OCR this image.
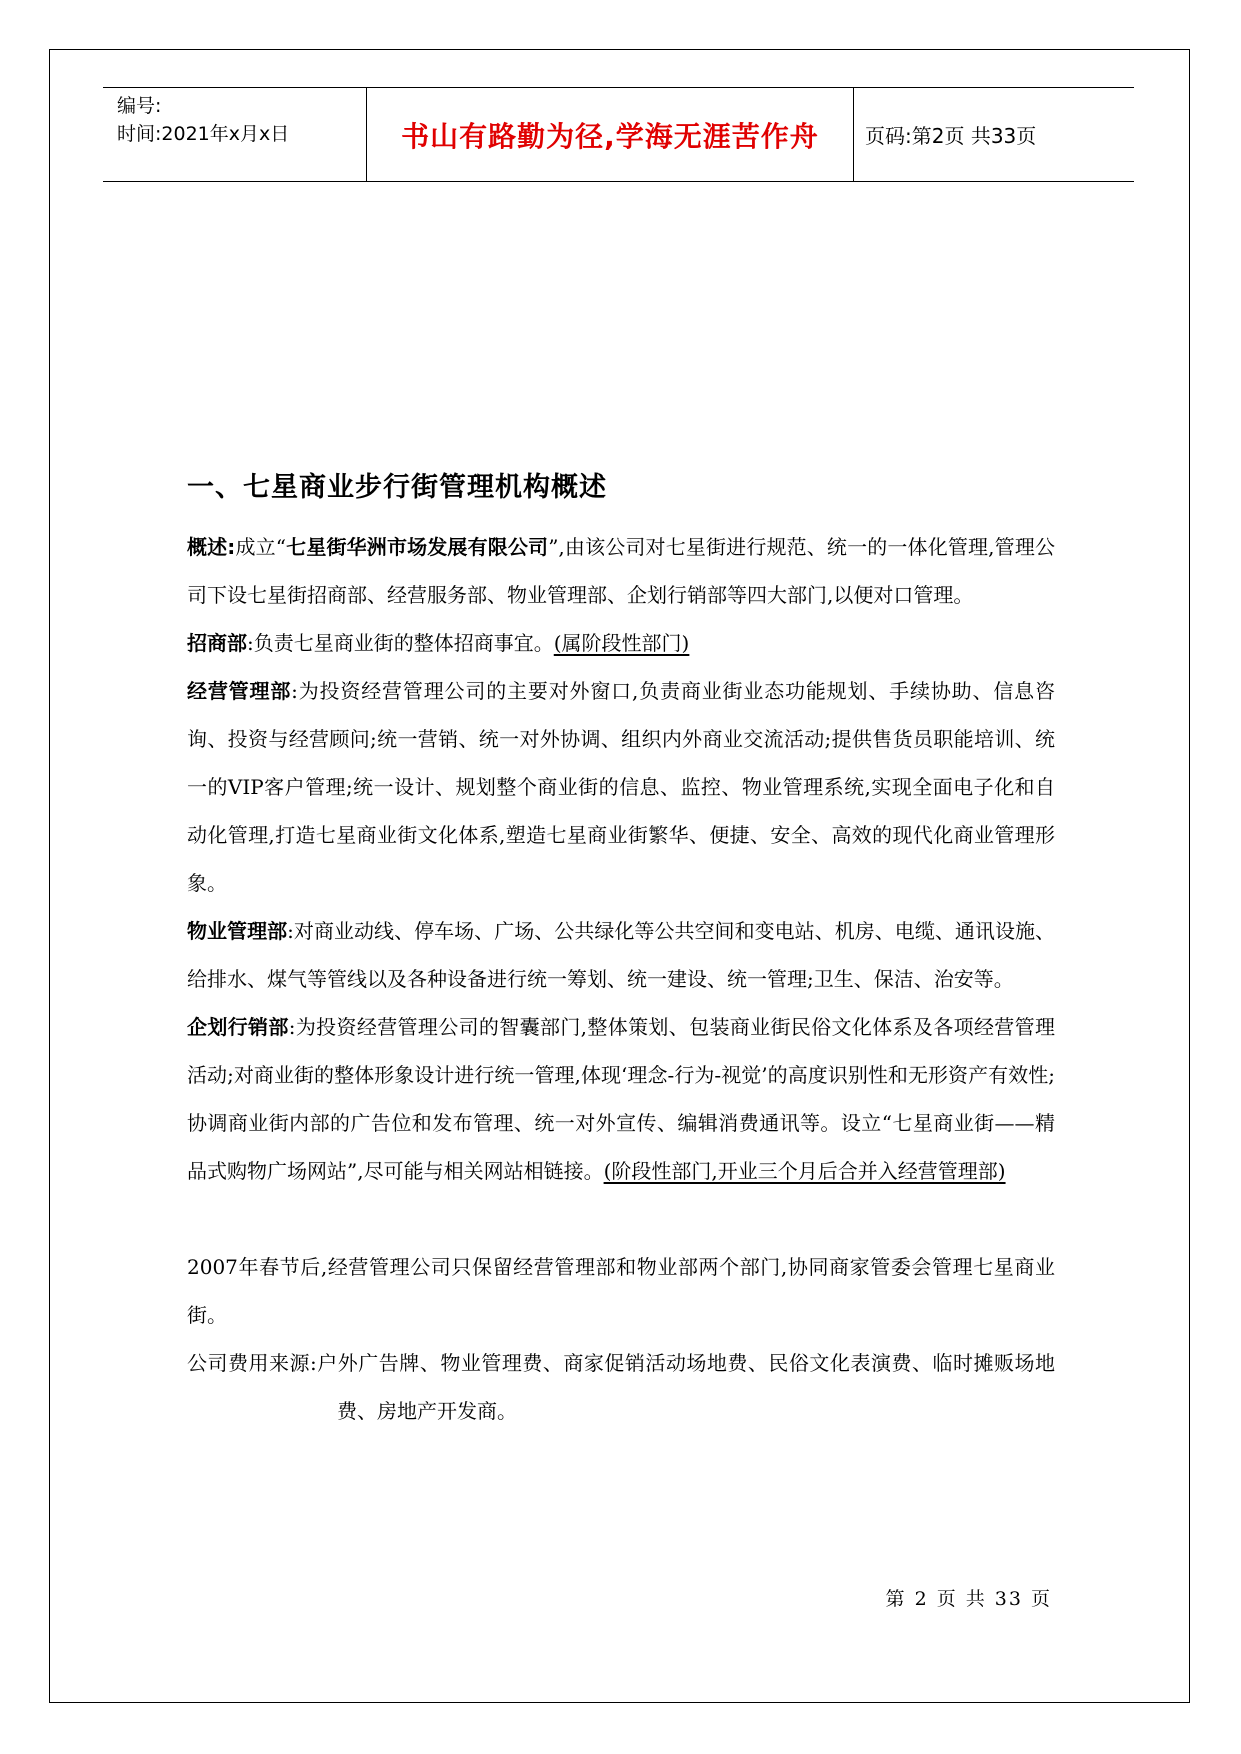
编号:
时间:2021年x月x日	书山有路勤为径,学海无涯苦作舟	页码:第2页 共33页
一、七星商业步行街管理机构概述

概述:成立“七星街华洲市场发展有限公司”,由该公司对七星街进行规范、统一的一体化管理,管理公司下设七星街招商部、经营服务部、物业管理部、企划行销部等四大部门,以便对口管理。

招商部:负责七星商业街的整体招商事宜。(属阶段性部门)

经营管理部:为投资经营管理公司的主要对外窗口,负责商业街业态功能规划、手续协助、信息咨询、投资与经营顾问;统一营销、统一对外协调、组织内外商业交流活动;提供售货员职能培训、统一的VIP客户管理;统一设计、规划整个商业街的信息、监控、物业管理系统,实现全面电子化和自动化管理,打造七星商业街文化体系,塑造七星商业街繁华、便捷、安全、高效的现代化商业管理形象。

物业管理部:对商业动线、停车场、广场、公共绿化等公共空间和变电站、机房、电缆、通讯设施、给排水、煤气等管线以及各种设备进行统一筹划、统一建设、统一管理;卫生、保洁、治安等。

企划行销部:为投资经营管理公司的智囊部门,整体策划、包装商业街民俗文化体系及各项经营管理活动;对商业街的整体形象设计进行统一管理,体现‘理念-行为-视觉’的高度识别性和无形资产有效性;协调商业街内部的广告位和发布管理、统一对外宣传、编辑消费通讯等。设立“七星商业街——精品式购物广场网站”,尽可能与相关网站相链接。(阶段性部门,开业三个月后合并入经营管理部)

2007年春节后,经营管理公司只保留经营管理部和物业部两个部门,协同商家管委会管理七星商业街。

公司费用来源:户外广告牌、物业管理费、商家促销活动场地费、民俗文化表演费、临时摊贩场地费、房地产开发商。

第 2 页 共 33 页
